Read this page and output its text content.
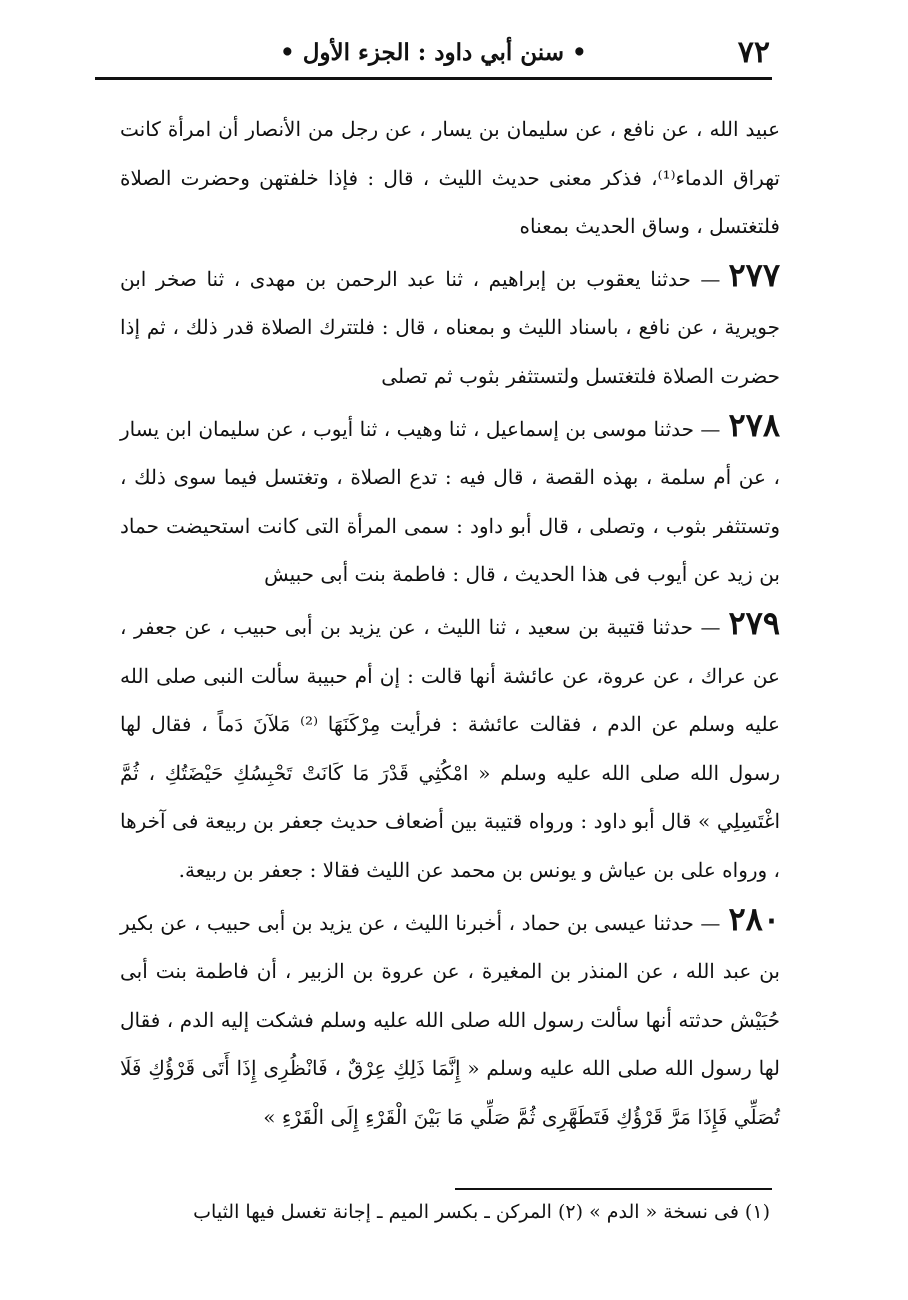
٧٢
• سنن أبي داود : الجزء الأول •

عبيد الله ، عن نافع ، عن سليمان بن يسار ، عن رجل من الأنصار أن امرأة كانت تهراق الدماء⁽¹⁾، فذكر معنى حديث الليث ، قال : فإذا خلفتهن وحضرت الصلاة فلتغتسل ، وساق الحديث بمعناه

٢٧٧— حدثنا يعقوب بن إبراهيم ، ثنا عبد الرحمن بن مهدى ، ثنا صخر ابن جويرية ، عن نافع ، باسناد الليث و بمعناه ، قال : فلتترك الصلاة قدر ذلك ، ثم إذا حضرت الصلاة فلتغتسل ولتستثفر بثوب ثم تصلى

٢٧٨— حدثنا موسى بن إسماعيل ، ثنا وهيب ، ثنا أيوب ، عن سليمان ابن يسار ، عن أم سلمة ، بهذه القصة ، قال فيه : تدع الصلاة ، وتغتسل فيما سوى ذلك ، وتستثفر بثوب ، وتصلى ، قال أبو داود : سمى المرأة التى كانت استحيضت حماد بن زيد عن أيوب فى هذا الحديث ، قال : فاطمة بنت أبى حبيش

٢٧٩— حدثنا قتيبة بن سعيد ، ثنا الليث ، عن يزيد بن أبى حبيب ، عن جعفر ، عن عراك ، عن عروة، عن عائشة أنها قالت : إن أم حبيبة سألت النبى صلى الله عليه وسلم عن الدم ، فقالت عائشة : فرأيت مِرْكَنَهَا ⁽²⁾ مَلآنَ دَماً ، فقال لها رسول الله صلى الله عليه وسلم « امْكُثِي قَدْرَ مَا كَانَتْ تَحْبِسُكِ حَيْضَتُكِ ، ثُمَّ اغْتَسِلِي » قال أبو داود : ورواه قتيبة بين أضعاف حديث جعفر بن ربيعة فى آخرها ، ورواه على بن عياش و يونس بن محمد عن الليث فقالا : جعفر بن ربيعة.

٢٨٠— حدثنا عيسى بن حماد ، أخبرنا الليث ، عن يزيد بن أبى حبيب ، عن بكير بن عبد الله ، عن المنذر بن المغيرة ، عن عروة بن الزبير ، أن فاطمة بنت أبى حُبَيْش حدثته أنها سألت رسول الله صلى الله عليه وسلم فشكت إليه الدم ، فقال لها رسول الله صلى الله عليه وسلم « إِنَّمَا ذَلِكِ عِرْقٌ ، فَانْظُرِى إِذَا أَتَى قَرْؤُكِ فَلَا تُصَلِّي فَإِذَا مَرَّ قَرْؤُكِ فَتَطَهَّرِى ثُمَّ صَلِّي مَا بَيْنَ الْقَرْءِ إِلَى الْقَرْءِ »

(١) فى نسخة « الدم » (٢) المركن ـ بكسر الميم ـ إجانة تغسل فيها الثياب
